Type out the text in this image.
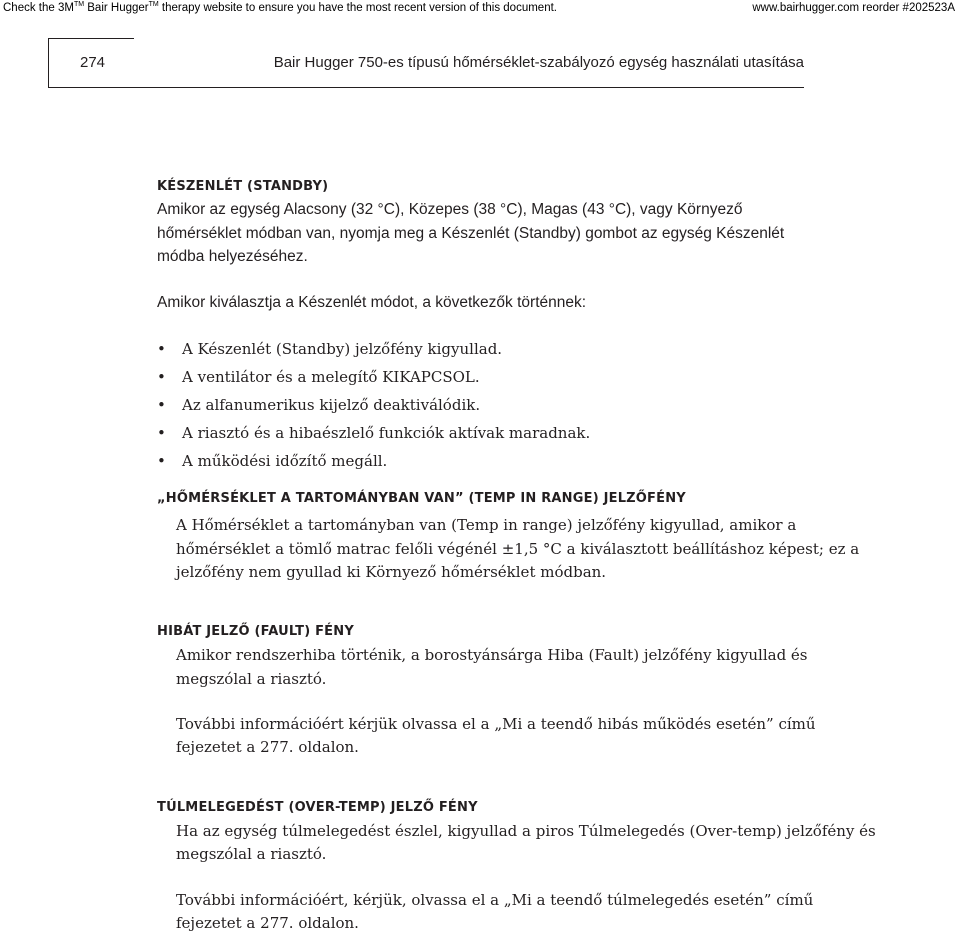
Check the 3M™ Bair Hugger™ therapy website to ensure you have the most recent version of this document.	www.bairhugger.com reorder #202523A
274	Bair Hugger 750-es típusú hőmérséklet-szabályozó egység használati utasítása
KÉSZENLÉT (STANDBY)

Amikor az egység Alacsony (32 °C), Közepes (38 °C), Magas (43 °C), vagy Környező

hőmérséklet módban van, nyomja meg a Készenlét (Standby) gombot az egység Készenlét

módba helyezéséhez.

Amikor kiválasztja a Készenlét módot, a következők történnek:

• A Készenlét (Standby) jelzőfény kigyullad.
• A ventilátor és a melegítő KIKAPCSOL.
• Az alfanumerikus kijelző deaktiválódik.
• A riasztó és a hibaészlelő funkciók aktívak maradnak.
• A működési időzítő megáll.
„HŐMÉRSÉKLET A TARTOMÁNYBAN VAN” (TEMP IN RANGE) JELZŐFÉNY

A Hőmérséklet a tartományban van (Temp in range) jelzőfény kigyullad, amikor a

hőmérséklet a tömlő matrac felőli végénél ±1,5 °C a kiválasztott beállításhoz képest; ez a

jelzőfény nem gyullad ki Környező hőmérséklet módban.

HIBÁT JELZŐ (FAULT) FÉNY

Amikor rendszerhiba történik, a borostyánsárga Hiba (Fault) jelzőfény kigyullad és

megszólal a riasztó.

További információért kérjük olvassa el a „Mi a teendő hibás működés esetén” című

fejezetet a 277. oldalon.

TÚLMELEGEDÉST (OVER-TEMP) JELZŐ FÉNY

Ha az egység túlmelegedést észlel, kigyullad a piros Túlmelegedés (Over-temp) jelzőfény és

megszólal a riasztó.

További információért, kérjük, olvassa el a „Mi a teendő túlmelegedés esetén” című

fejezetet a 277. oldalon.
